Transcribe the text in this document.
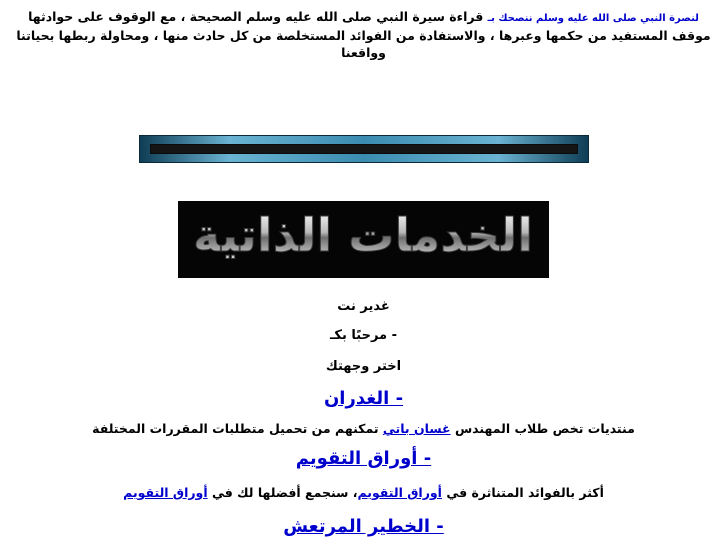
لنصرة النبي صلى الله عليه وسلم ننصحك بـ قراءة سيرة النبي صلى الله عليه وسلم الصحيحة ، مع الوقوف على حوادثها موقف المستفيد من حكمها وعبرها ، والاستفادة من الفوائد المستخلصة من كل حادث منها ، ومحاولة ربطها بحياتنا وواقعنا
الخدمات الذاتية
غدير نت
- مرحبًا بكـ
اختر وجهتك
- الغدران
منتديات تخص طلاب المهندس غسان باتي تمكنهم من تحميل متطلبات المقررات المختلفة
- أوراق التقويم
أكثر بالفوائد المتناثرة في أوراق التقويم، سنجمع أفضلها لك في أوراق التقويم
- الخطير المرتعش
